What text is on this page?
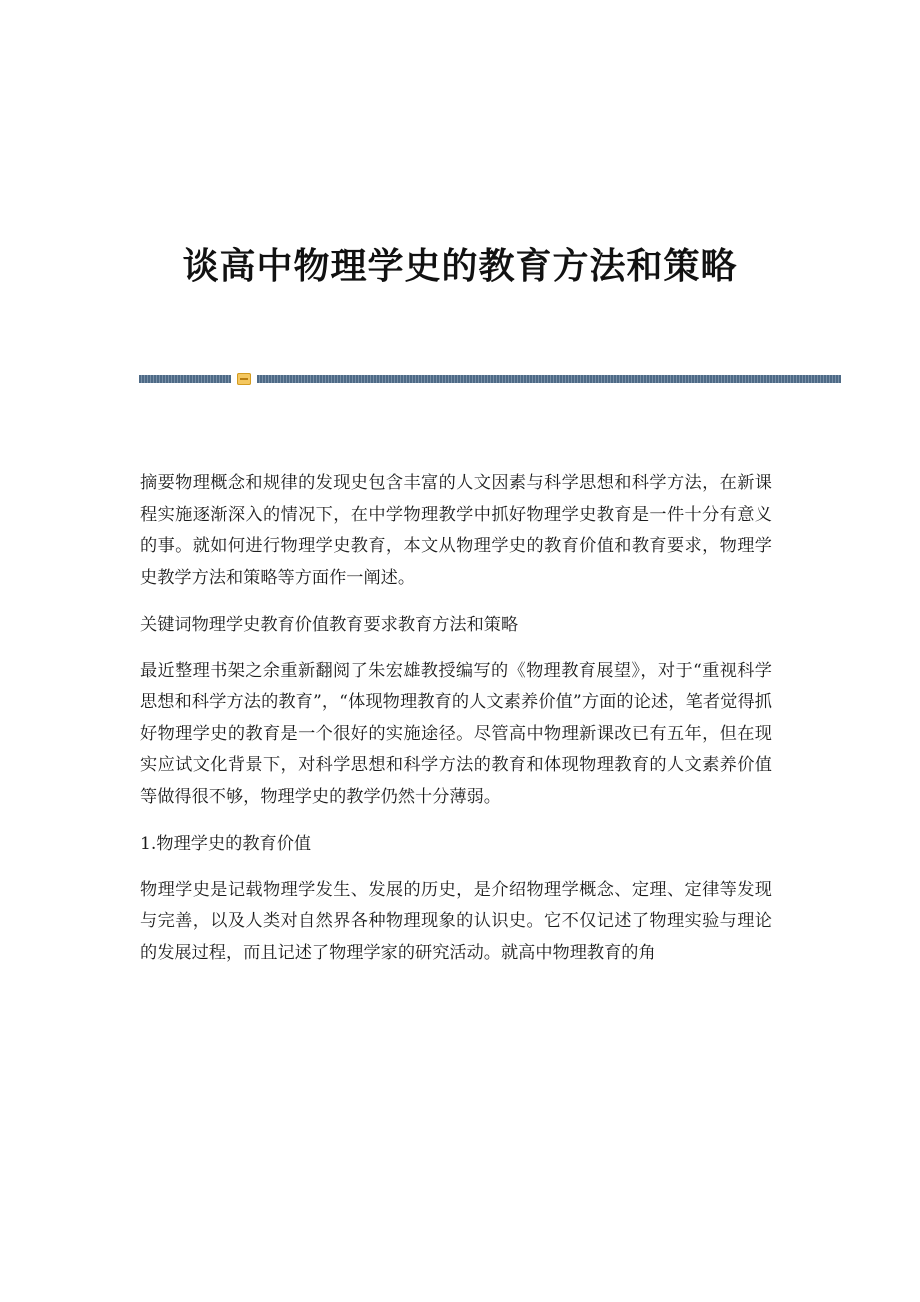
谈高中物理学史的教育方法和策略

摘要物理概念和规律的发现史包含丰富的人文因素与科学思想和科学方法，在新课程实施逐渐深入的情况下，在中学物理教学中抓好物理学史教育是一件十分有意义的事。就如何进行物理学史教育，本文从物理学史的教育价值和教育要求，物理学史教学方法和策略等方面作一阐述。

关键词物理学史教育价值教育要求教育方法和策略

最近整理书架之余重新翻阅了朱宏雄教授编写的《物理教育展望》，对于“重视科学思想和科学方法的教育”，“体现物理教育的人文素养价值”方面的论述，笔者觉得抓好物理学史的教育是一个很好的实施途径。尽管高中物理新课改已有五年，但在现实应试文化背景下，对科学思想和科学方法的教育和体现物理教育的人文素养价值等做得很不够，物理学史的教学仍然十分薄弱。

1.物理学史的教育价值

物理学史是记载物理学发生、发展的历史，是介绍物理学概念、定理、定律等发现与完善，以及人类对自然界各种物理现象的认识史。它不仅记述了物理实验与理论的发展过程，而且记述了物理学家的研究活动。就高中物理教育的角
